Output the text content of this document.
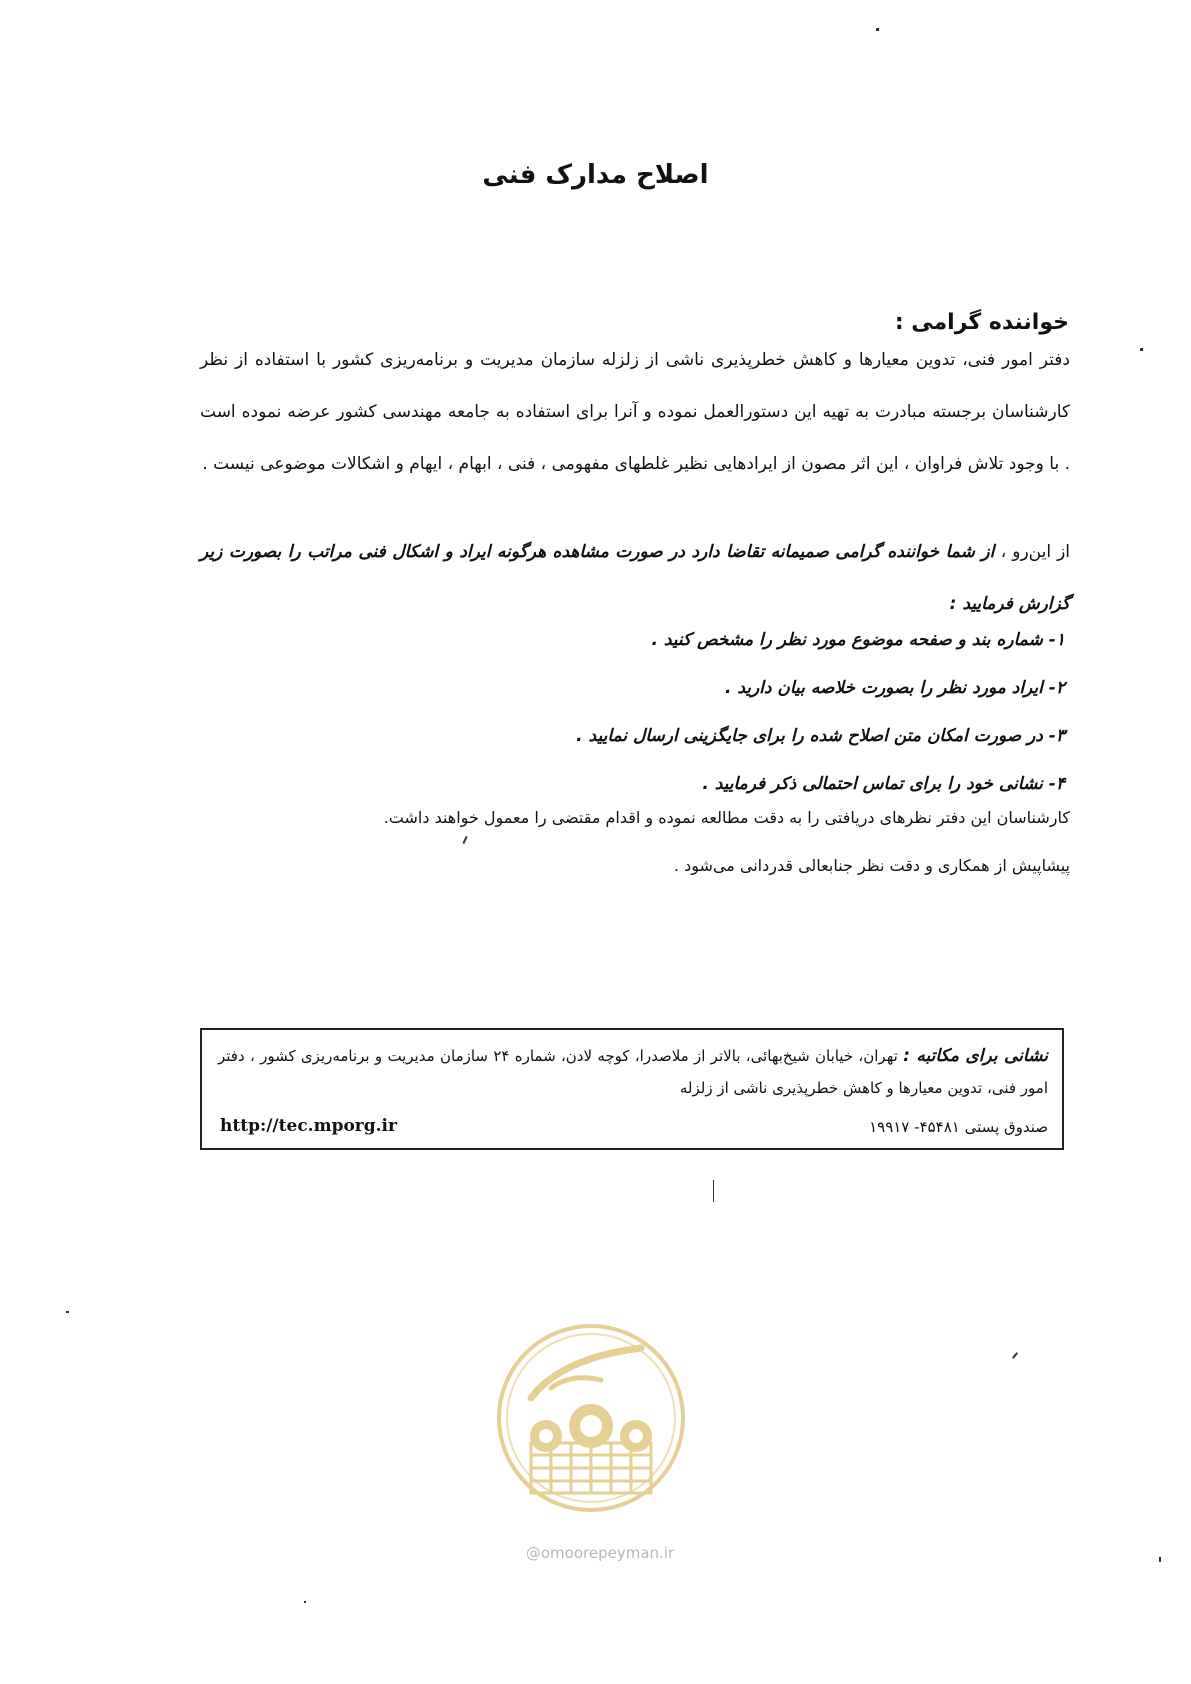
اصلاح مدارک فنی
خواننده گرامی :
دفتر امور فنی، تدوین معیارها و کاهش خطرپذیری ناشی از زلزله سازمان مدیریت و برنامه‌ریزی کشور با استفاده از نظر کارشناسان برجسته مبادرت به تهیه این دستورالعمل نموده و آنرا برای استفاده به جامعه مهندسی کشور عرضه نموده است . با وجود تلاش فراوان ، این اثر مصون از ایرادهایی نظیر غلطهای مفهومی ، فنی ، ابهام ، ایهام و اشکالات موضوعی نیست .
از این‌رو ، از شما خواننده گرامی صمیمانه تقاضا دارد در صورت مشاهده هرگونه ایراد و اشکال فنی مراتب را بصورت زیر گزارش فرمایید :
۱- شماره بند و صفحه موضوع مورد نظر را مشخص کنید .
۲- ایراد مورد نظر را بصورت خلاصه بیان دارید .
۳- در صورت امکان متن اصلاح شده را برای جایگزینی ارسال نمایید .
۴- نشانی خود را برای تماس احتمالی ذکر فرمایید .
کارشناسان این دفتر نظرهای دریافتی را به دقت مطالعه نموده و اقدام مقتضی را معمول خواهند داشت.
پیشاپیش از همکاری و دقت نظر جنابعالی قدردانی می‌شود .
نشانی برای مکاتبه : تهران، خیابان شیخ‌بهائی، بالاتر از ملاصدرا، کوچه لادن، شماره ۲۴ سازمان مدیریت و برنامه‌ریزی کشور ، دفتر امور فنی، تدوین معیارها و کاهش خطرپذیری ناشی از زلزله
صندوق پستی ۴۵۴۸۱- ۱۹۹۱۷
http://tec.mporg.ir
@omoorepeyman.ir
